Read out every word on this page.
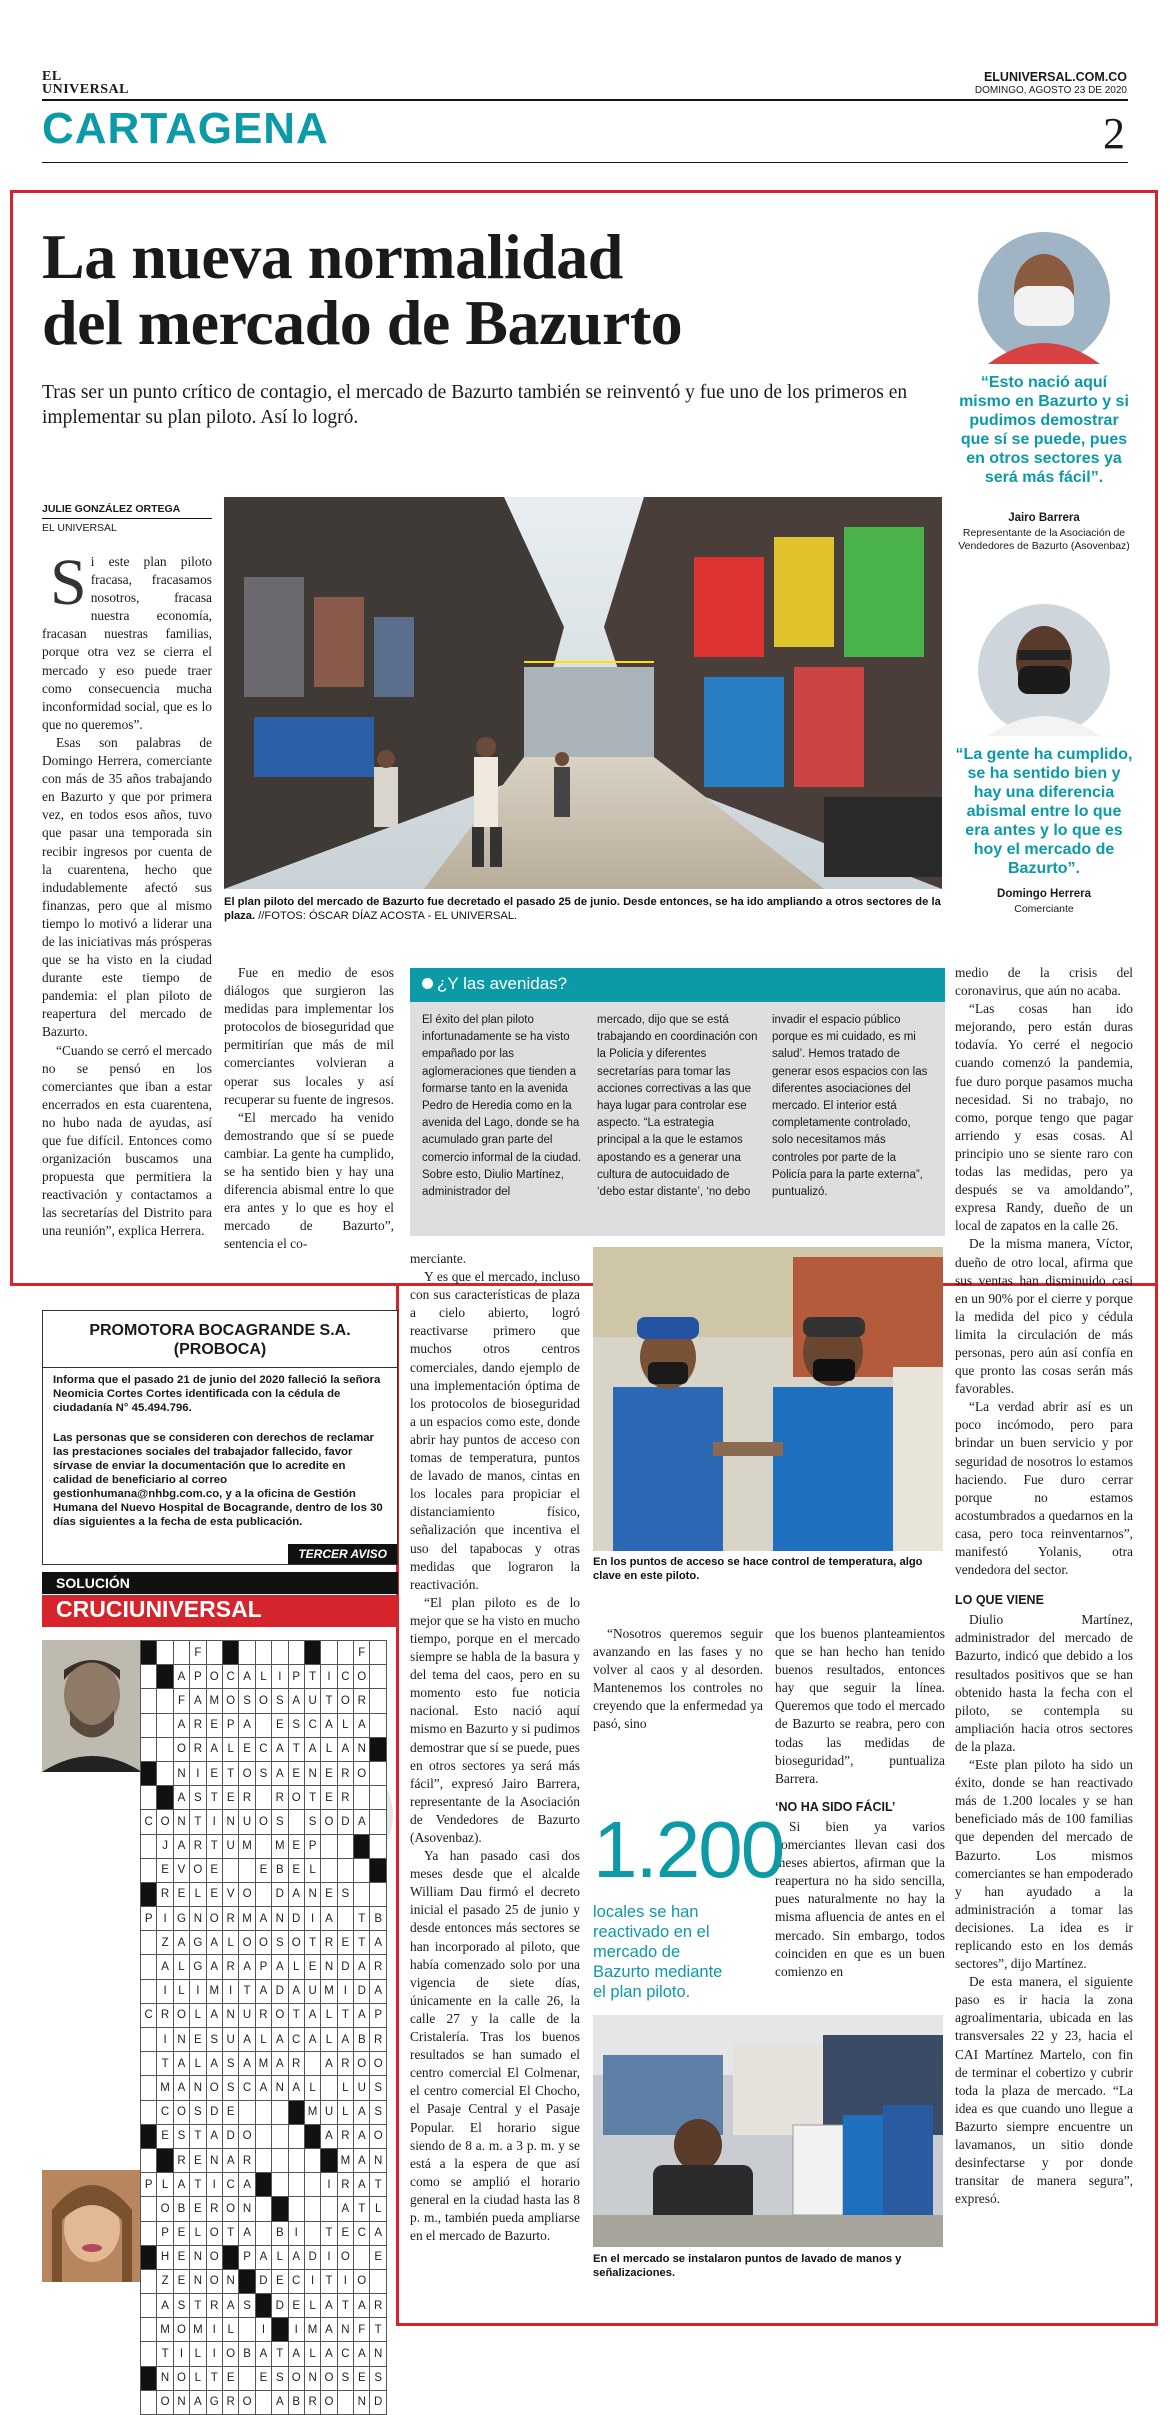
EL UNIVERSAL
ELUNIVERSAL.COM.CO
DOMINGO, AGOSTO 23 DE 2020
CARTAGENA	2
La nueva normalidad
del mercado de Bazurto
Tras ser un punto crítico de contagio, el mercado de Bazurto también se reinventó y fue uno de los primeros en implementar su plan piloto. Así lo logró.
JULIE GONZÁLEZ ORTEGA
EL UNIVERSAL

Si este plan piloto fracasa, fracasamos nosotros, fracasa nuestra economía, fracasan nuestras familias, porque otra vez se cierra el mercado y eso puede traer como consecuencia mucha inconformidad social, que es lo que no queremos”.

Esas son palabras de Domingo Herrera, comerciante con más de 35 años trabajando en Bazurto y que por primera vez, en todos esos años, tuvo que pasar una temporada sin recibir ingresos por cuenta de la cuarentena, hecho que indudablemente afectó sus finanzas, pero que al mismo tiempo lo motivó a liderar una de las iniciativas más prósperas que se ha visto en la ciudad durante este tiempo de pandemia: el plan piloto de reapertura del mercado de Bazurto.

“Cuando se cerró el mercado no se pensó en los comerciantes que iban a estar encerrados en esta cuarentena, no hubo nada de ayudas, así que fue difícil. Entonces como organización buscamos una propuesta que permitiera la reactivación y contactamos a las secretarías del Distrito para una reunión”, explica Herrera.

El plan piloto del mercado de Bazurto fue decretado el pasado 25 de junio. Desde entonces, se ha ido ampliando a otros sectores de la plaza. //FOTOS: ÓSCAR DÍAZ ACOSTA - EL UNIVERSAL.
“Esto nació aquí mismo en Bazurto y si pudimos demostrar que sí se puede, pues en otros sectores ya será más fácil”.
Jairo Barrera
Representante de la Asociación de Vendedores de Bazurto (Asovenbaz)
“La gente ha cumplido, se ha sentido bien y hay una diferencia abismal entre lo que era antes y lo que es hoy el mercado de Bazurto”.
Domingo Herrera
Comerciante

Fue en medio de esos diálogos que surgieron las medidas para implementar los protocolos de bioseguridad que permitirían que más de mil comerciantes volvieran a operar sus locales y así recuperar su fuente de ingresos.

“El mercado ha venido demostrando que sí se puede cambiar. La gente ha cumplido, se ha sentido bien y hay una diferencia abismal entre lo que era antes y lo que es hoy el mercado de Bazurto”, sentencia el co-

¿Y las avenidas?
El éxito del plan piloto infortunadamente se ha visto empañado por las aglomeraciones que tienden a formarse tanto en la avenida Pedro de Heredia como en la avenida del Lago, donde se ha acumulado gran parte del comercio informal de la ciudad. Sobre esto, Diulio Martínez, administrador del
mercado, dijo que se está trabajando en coordinación con la Policía y diferentes secretarías para tomar las acciones correctivas a las que haya lugar para controlar ese aspecto. “La estrategia principal a la que le estamos apostando es a generar una cultura de autocuidado de ‘debo estar distante’, ‘no debo
invadir el espacio público porque es mi cuidado, es mi salud’. Hemos tratado de generar esos espacios con las diferentes asociaciones del mercado. El interior está completamente controlado, solo necesitamos más controles por parte de la Policía para la parte externa”, puntualizó.

medio de la crisis del coronavirus, que aún no acaba.

“Las cosas han ido mejorando, pero están duras todavía. Yo cerré el negocio cuando comenzó la pandemia, fue duro porque pasamos mucha necesidad. Si no trabajo, no como, porque tengo que pagar arriendo y esas cosas. Al principio uno se siente raro con todas las medidas, pero ya después se va amoldando”, expresa Randy, dueño de un local de zapatos en la calle 26.

De la misma manera, Víctor, dueño de otro local, afirma que sus ventas han disminuido casi en un 90% por el cierre y porque la medida del pico y cédula limita la circulación de más personas, pero aún así confía en que pronto las cosas serán más favorables.

“La verdad abrir así es un poco incómodo, pero para brindar un buen servicio y por seguridad de nosotros lo estamos haciendo. Fue duro cerrar porque no estamos acostumbrados a quedarnos en la casa, pero toca reinventarnos”, manifestó Yolanis, otra vendedora del sector.

LO QUE VIENE

Diulio Martínez, administrador del mercado de Bazurto, indicó que debido a los resultados positivos que se han obtenido hasta la fecha con el piloto, se contempla su ampliación hacia otros sectores de la plaza.

“Este plan piloto ha sido un éxito, donde se han reactivado más de 1.200 locales y se han beneficiado más de 100 familias que dependen del mercado de Bazurto. Los mismos comerciantes se han empoderado y han ayudado a la administración a tomar las decisiones. La idea es ir replicando esto en los demás sectores”, dijo Martínez.

De esta manera, el siguiente paso es ir hacia la zona agroalimentaria, ubicada en las transversales 22 y 23, hacia el CAI Martínez Martelo, con fin de terminar el cobertizo y cubrir toda la plaza de mercado. “La idea es que cuando uno llegue a Bazurto siempre encuentre un lavamanos, un sitio donde desinfectarse y por donde transitar de manera segura”, expresó.

merciante.

Y es que el mercado, incluso con sus características de plaza a cielo abierto, logró reactivarse primero que muchos otros centros comerciales, dando ejemplo de una implementación óptima de los protocolos de bioseguridad a un espacios como este, donde abrir hay puntos de acceso con tomas de temperatura, puntos de lavado de manos, cintas en los locales para propiciar el distanciamiento físico, señalización que incentiva el uso del tapabocas y otras medidas que lograron la reactivación.

“El plan piloto es de lo mejor que se ha visto en mucho tiempo, porque en el mercado siempre se habla de la basura y del tema del caos, pero en su momento esto fue noticia nacional. Esto nació aquí mismo en Bazurto y si pudimos demostrar que sí se puede, pues en otros sectores ya será más fácil”, expresó Jairo Barrera, representante de la Asociación de Vendedores de Bazurto (Asovenbaz).

Ya han pasado casi dos meses desde que el alcalde William Dau firmó el decreto inicial el pasado 25 de junio y desde entonces más sectores se han incorporado al piloto, que había comenzado solo por una vigencia de siete días, únicamente en la calle 26, la calle 27 y la calle de la Cristalería. Tras los buenos resultados se han sumado el centro comercial El Colmenar, el centro comercial El Chocho, el Pasaje Central y el Pasaje Popular. El horario sigue siendo de 8 a. m. a 3 p. m. y se está a la espera de que así como se amplió el horario general en la ciudad hasta las 8 p. m., también pueda ampliarse en el mercado de Bazurto.

En los puntos de acceso se hace control de temperatura, algo clave en este piloto.

“Nosotros queremos seguir avanzando en las fases y no volver al caos y al desorden. Mantenemos los controles no creyendo que la enfermedad ya pasó, sino

que los buenos planteamientos que se han hecho han tenido buenos resultados, entonces hay que seguir la línea. Queremos que todo el mercado de Bazurto se reabra, pero con todas las medidas de bioseguridad”, puntualiza Barrera.

‘NO HA SIDO FÁCIL’

Si bien ya varios comerciantes llevan casi dos meses abiertos, afirman que la reapertura no ha sido sencilla, pues naturalmente no hay la misma afluencia de antes en el mercado. Sin embargo, todos coinciden en que es un buen comienzo en

1.200
locales se han reactivado en el mercado de Bazurto mediante el plan piloto.
En el mercado se instalaron puntos de lavado de manos y señalizaciones.
PROMOTORA BOCAGRANDE S.A.
(PROBOCA)
Informa que el pasado 21 de junio del 2020 falleció la señora Neomicia Cortes Cortes identificada con la cédula de ciudadanía N° 45.494.796.
Las personas que se consideren con derechos de reclamar las prestaciones sociales del trabajador fallecido, favor sírvase de enviar la documentación que lo acredite en calidad de beneficiario al correo gestionhumana@nhbg.com.co, y a la oficina de Gestión Humana del Nuevo Hospital de Bocagrande, dentro de los 30 días siguientes a la fecha de esta publicación.
TERCER AVISO
SOLUCIÓN
CRUCIUNIVERSAL
			F										F	
		A	P	O	C	A	L	I	P	T	I	C	O	
		F	A	M	O	S	O	S	A	U	T	O	R	
		A	R	E	P	A		E	S	C	A	L	A	
		O	R	A	L	E	C	A	T	A	L	A	N	
		N	I	E	T	O	S	A	E	N	E	R	O	
		A	S	T	E	R		R	O	T	E	R		
C	O	N	T	I	N	U	O	S		S	O	D	A	
	J	A	R	T	U	M		M	E	P				
	E	V	O	E			E	B	E	L				
	R	E	L	E	V	O		D	A	N	E	S		
P	I	G	N	O	R	M	A	N	D	I	A		T	B
	Z	A	G	A	L	O	O	S	O	T	R	E	T	A
	A	L	G	A	R	A	P	A	L	E	N	D	A	R
	I	L	I	M	I	T	A	D	A	U	M	I	D	A
C	R	O	L	A	N	U	R	O	T	A	L	T	A	P
	I	N	E	S	U	A	L	A	C	A	L	A	B	R
	T	A	L	A	S	A	M	A	R		A	R	O	O
	M	A	N	O	S	C	A	N	A	L		L	U	S
	C	O	S	D	E					M	U	L	A	S
	E	S	T	A	D	O					A	R	A	O
		R	E	N	A	R						M	A	N
P	L	A	T	I	C	A					I	R	A	T
	O	B	E	R	O	N						A	T	L
	P	E	L	O	T	A		B	I		T	E	C	A
	H	E	N	O		P	A	L	A	D	I	O		E
	Z	E	N	O	N		D	E	C	I	T	I	O	
	A	S	T	R	A	S		D	E	L	A	T	A	R
	M	O	M	I	L		I		I	M	A	N	F	T
	T	I	L	I	O	B	A	T	A	L	A	C	A	N
	N	O	L	T	E		E	S	O	N	O	S	E	S
	O	N	A	G	R	O		A	B	R	O		N	D
